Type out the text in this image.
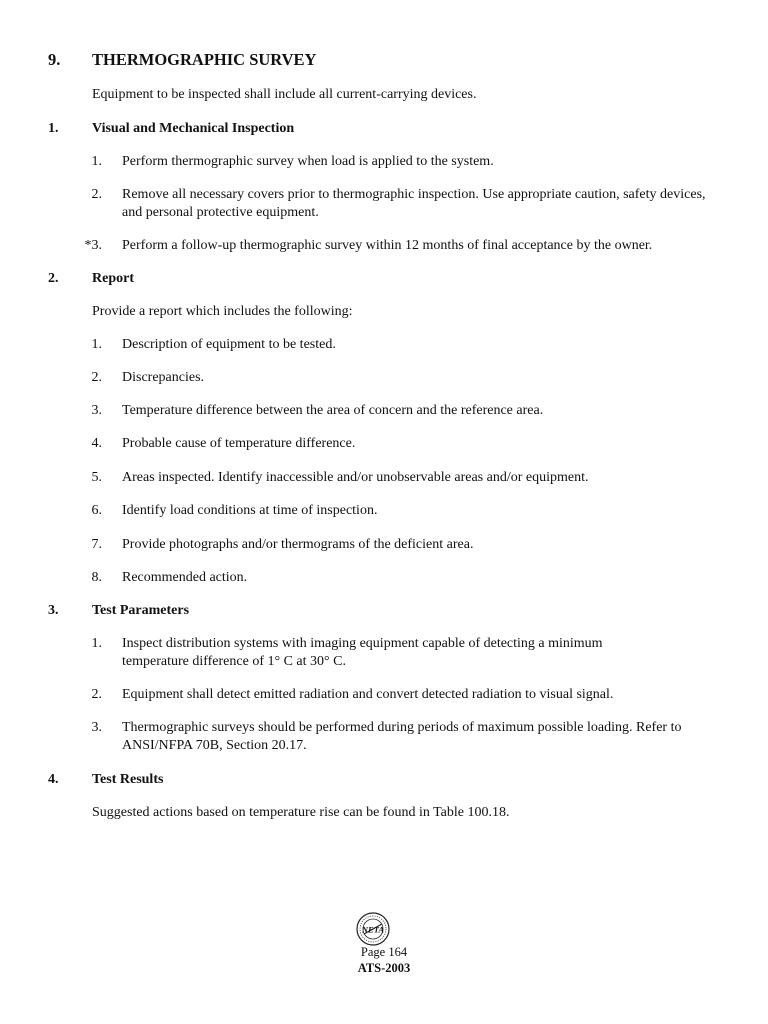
9. THERMOGRAPHIC SURVEY
Equipment to be inspected shall include all current-carrying devices.
1. Visual and Mechanical Inspection
1. Perform thermographic survey when load is applied to the system.
2. Remove all necessary covers prior to thermographic inspection. Use appropriate caution, safety devices, and personal protective equipment.
*3. Perform a follow-up thermographic survey within 12 months of final acceptance by the owner.
2. Report
Provide a report which includes the following:
1. Description of equipment to be tested.
2. Discrepancies.
3. Temperature difference between the area of concern and the reference area.
4. Probable cause of temperature difference.
5. Areas inspected. Identify inaccessible and/or unobservable areas and/or equipment.
6. Identify load conditions at time of inspection.
7. Provide photographs and/or thermograms of the deficient area.
8. Recommended action.
3. Test Parameters
1. Inspect distribution systems with imaging equipment capable of detecting a minimum temperature difference of 1° C at 30° C.
2. Equipment shall detect emitted radiation and convert detected radiation to visual signal.
3. Thermographic surveys should be performed during periods of maximum possible loading. Refer to ANSI/NFPA 70B, Section 20.17.
4. Test Results
Suggested actions based on temperature rise can be found in Table 100.18.
NETA
Page 164
ATS-2003
